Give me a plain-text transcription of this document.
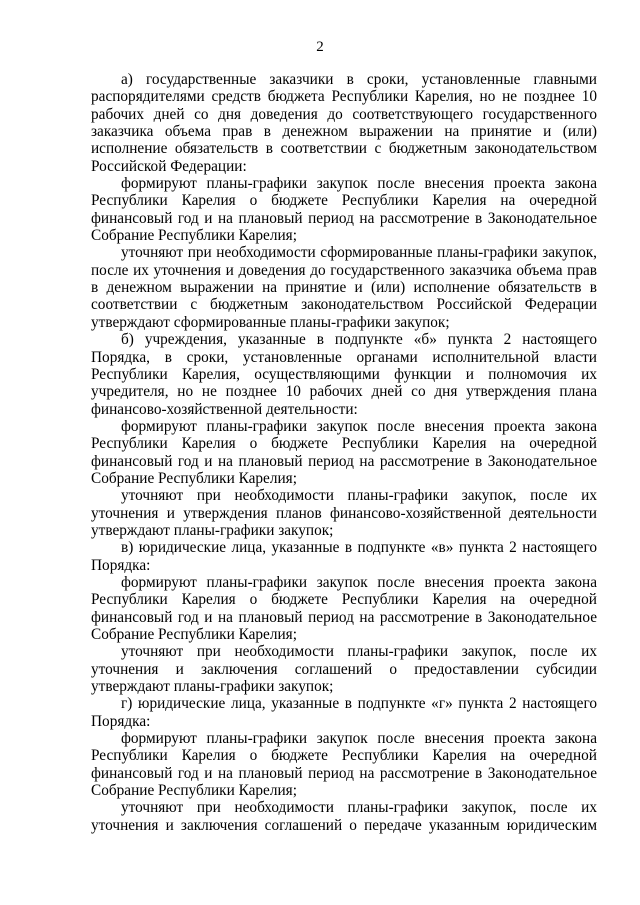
2

а) государственные заказчики в сроки, установленные главными распорядителями средств бюджета Республики Карелия, но не позднее 10 рабочих дней со дня доведения до соответствующего государственного заказчика объема прав в денежном выражении на принятие и (или) исполнение обязательств в соответствии с бюджетным законодательством Российской Федерации:

формируют планы-графики закупок после внесения проекта закона Республики Карелия о бюджете Республики Карелия на очередной финансовый год и на плановый период на рассмотрение в Законодательное Собрание Республики Карелия;

уточняют при необходимости сформированные планы-графики закупок, после их уточнения и доведения до государственного заказчика объема прав в денежном выражении на принятие и (или) исполнение обязательств в соответствии с бюджетным законодательством Российской Федерации утверждают сформированные планы-графики закупок;

б) учреждения, указанные в подпункте «б» пункта 2 настоящего Порядка, в сроки, установленные органами исполнительной власти Республики Карелия, осуществляющими функции и полномочия их учредителя, но не позднее 10 рабочих дней со дня утверждения плана финансово-хозяйственной деятельности:

формируют планы-графики закупок после внесения проекта закона Республики Карелия о бюджете Республики Карелия на очередной финансовый год и на плановый период на рассмотрение в Законодательное Собрание Республики Карелия;

уточняют при необходимости планы-графики закупок, после их уточнения и утверждения планов финансово-хозяйственной деятельности утверждают планы-графики закупок;

в) юридические лица, указанные в подпункте «в» пункта 2 настоящего Порядка:

формируют планы-графики закупок после внесения проекта закона Республики Карелия о бюджете Республики Карелия на очередной финансовый год и на плановый период на рассмотрение в Законодательное Собрание Республики Карелия;

уточняют при необходимости планы-графики закупок, после их уточнения и заключения соглашений о предоставлении субсидии утверждают планы-графики закупок;

г) юридические лица, указанные в подпункте «г» пункта 2 настоящего Порядка:

формируют планы-графики закупок после внесения проекта закона Республики Карелия о бюджете Республики Карелия на очередной финансовый год и на плановый период на рассмотрение в Законодательное Собрание Республики Карелия;

уточняют при необходимости планы-графики закупок, после их уточнения и заключения соглашений о передаче указанным юридическим
